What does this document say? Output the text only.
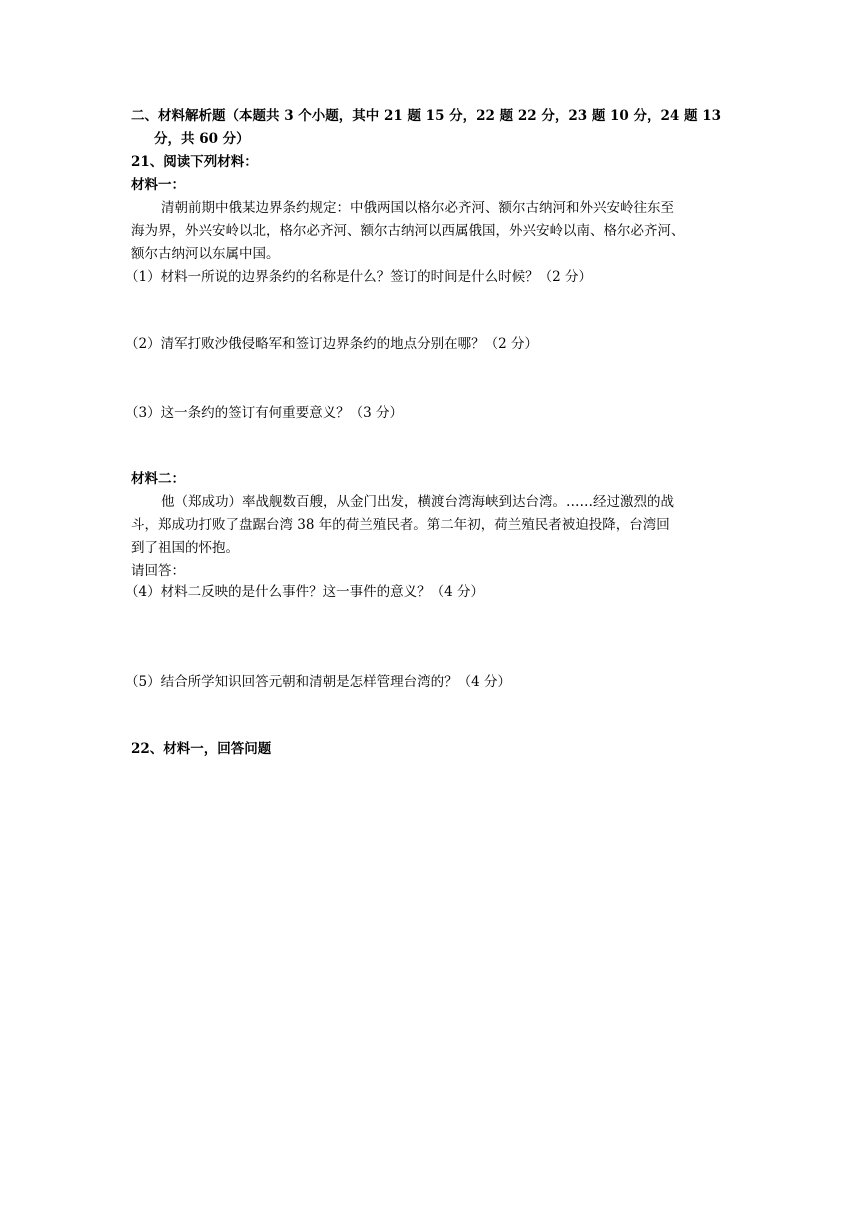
二、材料解析题（本题共 3 个小题，其中 21 题 15 分，22 题 22 分，23 题 10 分，24 题 13
分，共 60 分）
21、阅读下列材料：
材料一：
清朝前期中俄某边界条约规定：中俄两国以格尔必齐河、额尔古纳河和外兴安岭往东至
海为界，外兴安岭以北，格尔必齐河、额尔古纳河以西属俄国，外兴安岭以南、格尔必齐河、
额尔古纳河以东属中国。
（1）材料一所说的边界条约的名称是什么？签订的时间是什么时候？（2 分）
（2）清军打败沙俄侵略军和签订边界条约的地点分别在哪？（2 分）
（3）这一条约的签订有何重要意义？（3 分）
材料二：
他（郑成功）率战舰数百艘，从金门出发，横渡台湾海峡到达台湾。……经过激烈的战
斗，郑成功打败了盘踞台湾 38 年的荷兰殖民者。第二年初，荷兰殖民者被迫投降，台湾回
到了祖国的怀抱。
请回答：
（4）材料二反映的是什么事件？这一事件的意义？（4 分）
（5）结合所学知识回答元朝和清朝是怎样管理台湾的？（4 分）
22、材料一，回答问题
